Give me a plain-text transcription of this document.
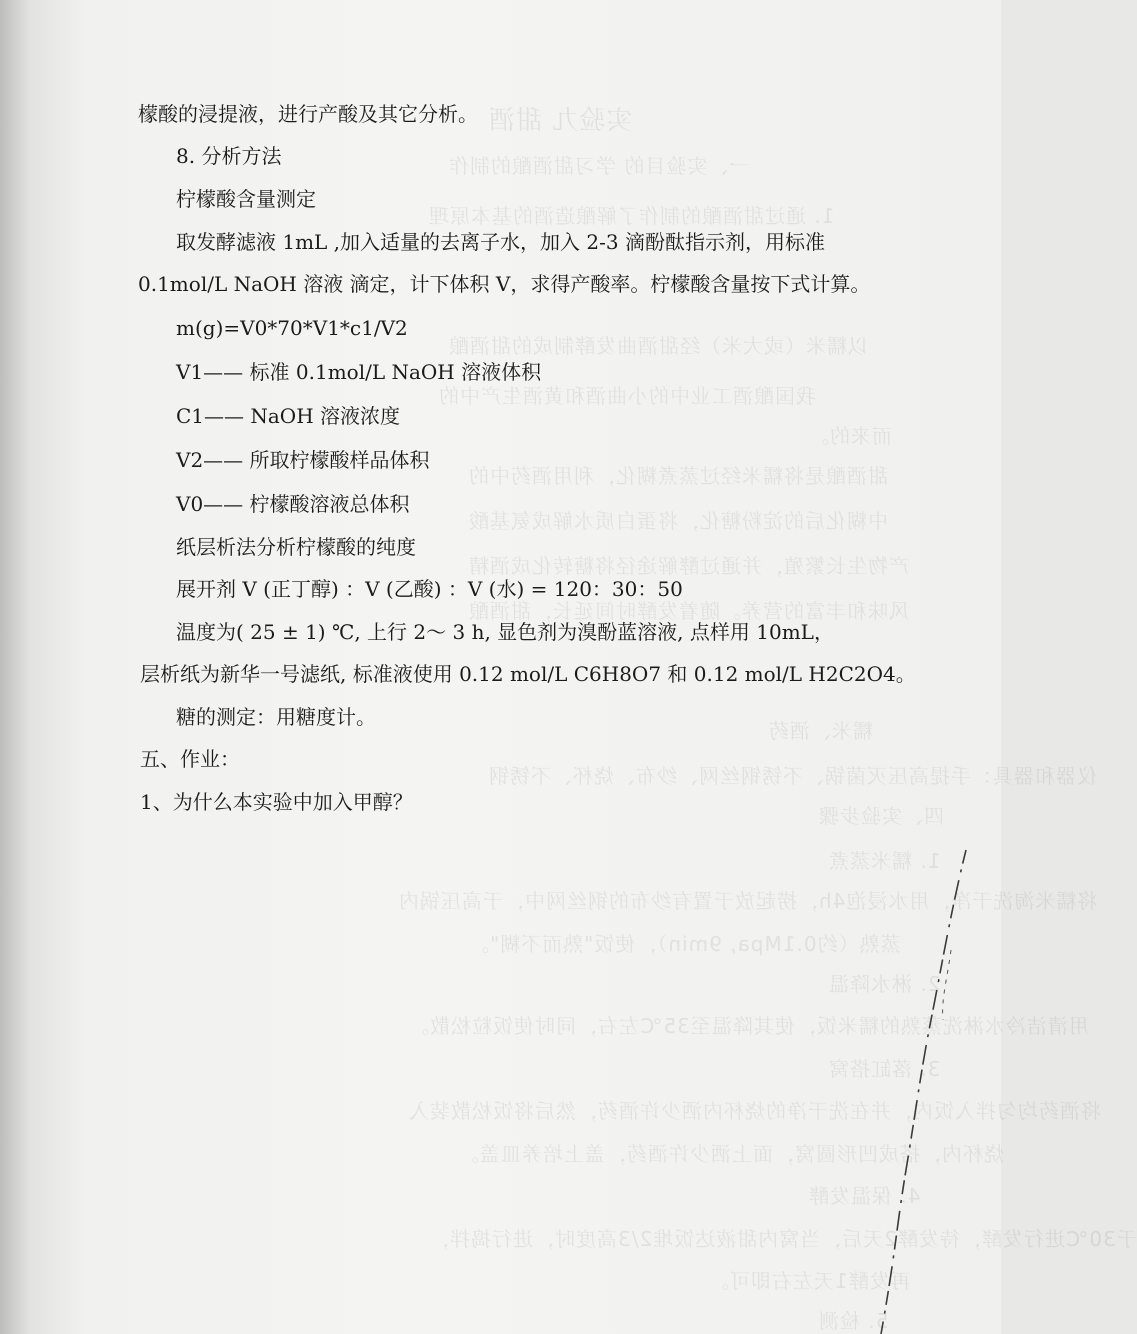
实验九 甜酒
一、实验目的 学习甜酒酿的制作
1. 通过甜酒酿的制作了解酿造酒的基本原理
以糯米（或大米）经甜酒曲发酵制成的甜酒酿
我国酿酒工业中的小曲酒和黄酒生产中的
而来的。
甜酒酿是将糯米经过蒸煮糊化，利用酒药中的
中糊化后的淀粉糖化，将蛋白质水解成氨基酸
产物生长繁殖，并通过酵解途径将糖转化成酒精
风味和丰富的营养。随着发酵时间延长，甜酒酿
糯米、酒药
仪器和器具：手提高压灭菌锅、不锈钢丝网、纱布、烧杯、不锈钢
四、实验步骤
1. 糯米蒸煮
将糯米淘洗干净，用水浸泡4h，捞起放于置有纱布的钢丝网中，于高压锅内
蒸熟（约0.1Mpa, 9min），使饭"熟而不糊"。
2. 淋水降温
用清洁冷水淋洗蒸熟的糯米饭，使其降温至35℃左右，同时使饭粒松散。
3. 落缸搭窝
将酒药均匀拌入饭内，并在洗干净的烧杯内洒少许酒药，然后将饭松散装入
烧杯内，搭成凹形圆窝，面上洒少许酒药，盖上培养皿盖。
4. 保温发酵
于30℃进行发酵，待发酵2天后，当窝内甜液达饭堆2/3高度时，进行捣拌，
再发酵1天左右即可。
5. 检测
檬酸的浸提液，进行产酸及其它分析。
8. 分析方法
柠檬酸含量测定
取发酵滤液 1mL ,加入适量的去离子水，加入 2-3 滴酚酞指示剂，用标准
0.1mol/L NaOH 溶液 滴定，计下体积 V，求得产酸率。柠檬酸含量按下式计算。
m(g)=V0*70*V1*c1/V2
V1—— 标准 0.1mol/L NaOH 溶液体积
C1—— NaOH 溶液浓度
V2—— 所取柠檬酸样品体积
V0—— 柠檬酸溶液总体积
纸层析法分析柠檬酸的纯度
展开剂 V (正丁醇) ：V (乙酸) ：V (水) = 120：30：50
温度为( 25 ± 1) ℃, 上行 2～ 3 h, 显色剂为溴酚蓝溶液, 点样用 10mL，
层析纸为新华一号滤纸, 标准液使用 0.12 mol/L C6H8O7 和 0.12 mol/L H2C2O4。
糖的测定：用糖度计。
五、作业：
1、为什么本实验中加入甲醇？
